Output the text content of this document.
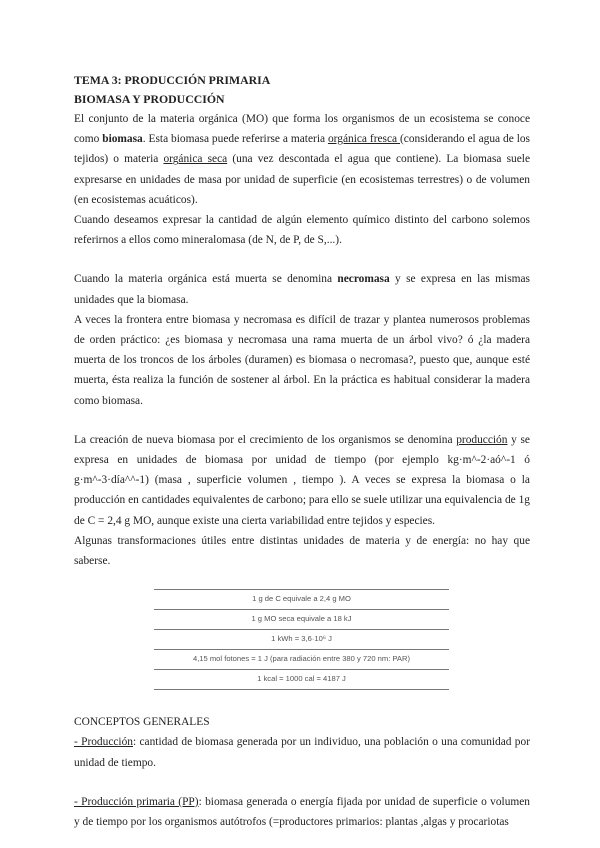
TEMA 3: PRODUCCIÓN PRIMARIA
BIOMASA Y PRODUCCIÓN

El conjunto de la materia orgánica (MO) que forma los organismos de un ecosistema se conoce como biomasa. Esta biomasa puede referirse a materia orgánica fresca (considerando el agua de los tejidos) o materia orgánica seca (una vez descontada el agua que contiene). La biomasa suele expresarse en unidades de masa por unidad de superficie (en ecosistemas terrestres) o de volumen (en ecosistemas acuáticos).

Cuando deseamos expresar la cantidad de algún elemento químico distinto del carbono solemos referirnos a ellos como mineralomasa (de N, de P, de S,...).

Cuando la materia orgánica está muerta se denomina necromasa y se expresa en las mismas unidades que la biomasa.

A veces la frontera entre biomasa y necromasa es difícil de trazar y plantea numerosos problemas de orden práctico: ¿es biomasa y necromasa una rama muerta de un árbol vivo? ó ¿la madera muerta de los troncos de los árboles (duramen) es biomasa o necromasa?, puesto que, aunque esté muerta, ésta realiza la función de sostener al árbol. En la práctica es habitual considerar la madera como biomasa.

La creación de nueva biomasa por el crecimiento de los organismos se denomina producción y se expresa en unidades de biomasa por unidad de tiempo (por ejemplo kg·m^-2·aó^-1 ó g·m^-3·día^^-1) (masa , superficie volumen , tiempo ). A veces se expresa la biomasa o la producción en cantidades equivalentes de carbono; para ello se suele utilizar una equivalencia de 1g de C = 2,4 g MO, aunque existe una cierta variabilidad entre tejidos y especies.

Algunas transformaciones útiles entre distintas unidades de materia y de energía: no hay que saberse.

1 g de C equivale a 2,4 g MO
1 g MO seca equivale a 18 kJ
1 kWh = 3,6·10⁶ J
4,15 mol fotones = 1 J (para radiación entre 380 y 720 nm: PAR)
1 kcal = 1000 cal = 4187 J
CONCEPTOS GENERALES

- Producción: cantidad de biomasa generada por un individuo, una población o una comunidad por unidad de tiempo.

- Producción primaria (PP): biomasa generada o energía fijada por unidad de superficie o volumen y de tiempo por los organismos autótrofos (=productores primarios: plantas ,algas y procariotas
